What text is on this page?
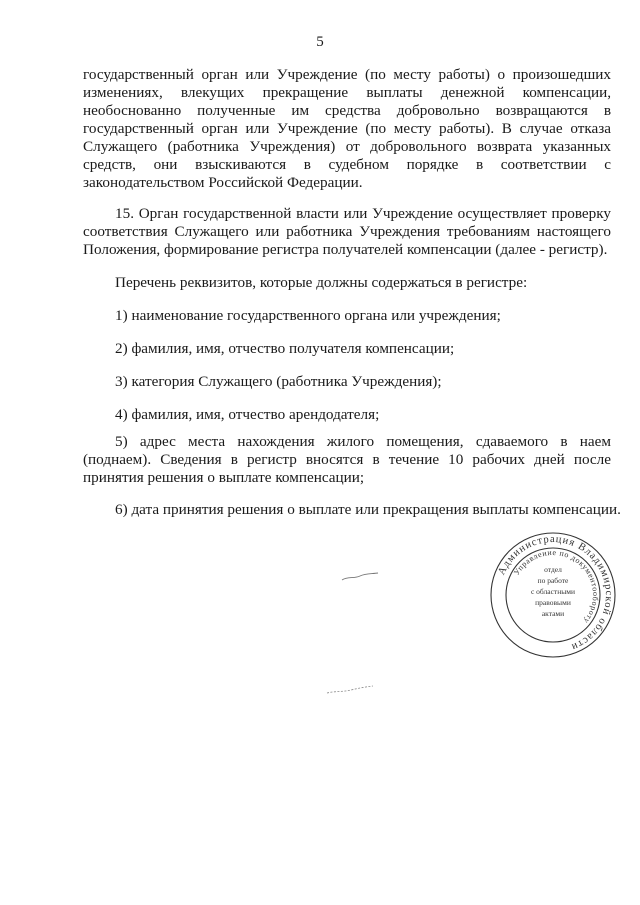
5
государственный орган или Учреждение (по месту работы) о произошедших изменениях, влекущих прекращение выплаты денежной компенсации, необоснованно полученные им средства добровольно возвращаются в государственный орган или Учреждение (по месту работы). В случае отказа Служащего (работника Учреждения) от добровольного возврата указанных средств, они взыскиваются в судебном порядке в соответствии с законодательством Российской Федерации.
15. Орган государственной власти или Учреждение осуществляет проверку соответствия Служащего или работника Учреждения требованиям настоящего Положения, формирование регистра получателей компенсации (далее - регистр).
Перечень реквизитов, которые должны содержаться в регистре:
1) наименование государственного органа или учреждения;
2) фамилия, имя, отчество получателя компенсации;
3) категория Служащего (работника Учреждения);
4) фамилия, имя, отчество арендодателя;
5) адрес места нахождения жилого помещения, сдаваемого в наем (поднаем). Сведения в регистр вносятся в течение 10 рабочих дней после принятия решения о выплате компенсации;
6) дата принятия решения о выплате или прекращения выплаты компенсации.
Администрация Владимирской области
Управление по документообороту
отдел
по работе
с областными
правовыми
актами
